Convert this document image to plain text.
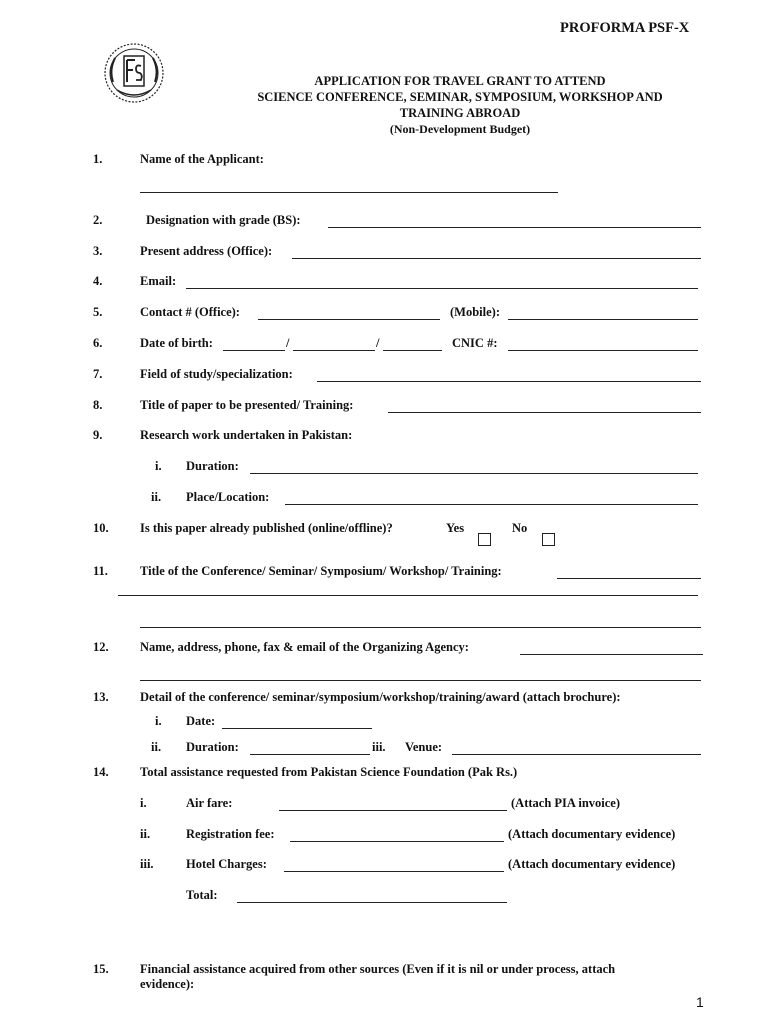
PROFORMA PSF-X
APPLICATION FOR TRAVEL GRANT TO ATTEND
SCIENCE CONFERENCE, SEMINAR, SYMPOSIUM, WORKSHOP AND
TRAINING ABROAD
(Non-Development Budget)
1.	Name of the Applicant:
2.	Designation with grade (BS):
3.	Present address (Office):
4.	Email:
5.	Contact # (Office):	(Mobile):
6.	Date of birth:	/	/	CNIC #:
7.	Field of study/specialization:
8.	Title of paper to be presented/ Training:
9.	Research work undertaken in Pakistan:
i. Duration:
ii. Place/Location:
10.	Is this paper already published (online/offline)?	Yes	No
11.	Title of the Conference/ Seminar/ Symposium/ Workshop/ Training:
12.	Name, address, phone, fax & email of the Organizing Agency:
13.	Detail of the conference/ seminar/symposium/workshop/training/award (attach brochure):
i. Date:
ii. Duration:	iii. Venue:
14.	Total assistance requested from Pakistan Science Foundation (Pak Rs.)
i.	Air fare:	(Attach PIA invoice)
ii.	Registration fee:	(Attach documentary evidence)
iii.	Hotel Charges:	(Attach documentary evidence)
Total:
15.	Financial assistance acquired from other sources (Even if it is nil or under process, attach
evidence):
1
